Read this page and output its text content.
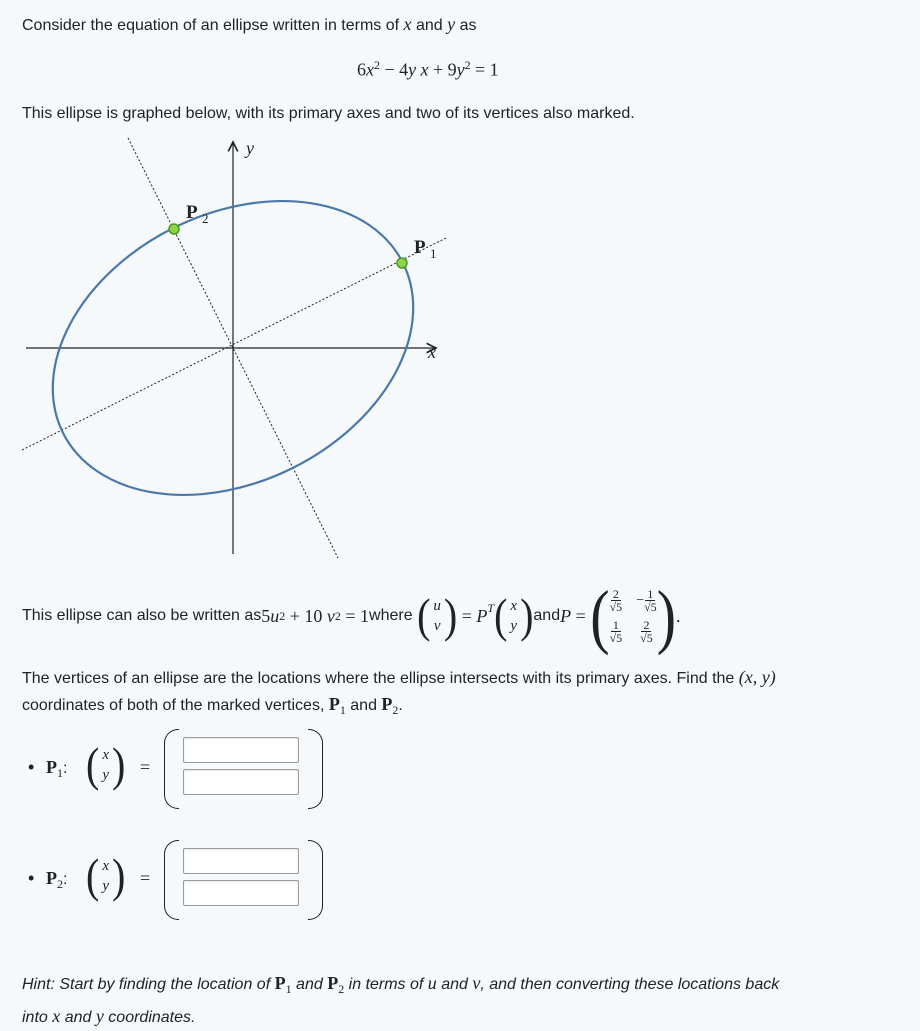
Consider the equation of an ellipse written in terms of x and y as
$6x^2 - 4y$ $x + 9y^2 = 1$
This ellipse is graphed below, with its primary axes and two of its vertices also marked.
y
x
P 2
P 1
This ellipse can also be written as 5 u 2
+
10
v 2
=
1 where
( u
v )
=
$P^T$ ( x
y ) and P
=
( $\frac{2}{√5} - \frac{1}{√5}$
$\frac{1}{√5} \frac{2}{√5}$ ) .
The vertices of an ellipse are the locations where the ellipse intersects with its primary axes. Find the (x, y)
coordinates of both of the marked vertices, $P_1$ and $P_2$.
• $P_1$: ( x
y ) =
• $P_2$: ( x
y ) =
Hint: Start by finding the location of $P_1$ and $P_2$ in terms of u and v, and then converting these locations back
into x and y coordinates.
